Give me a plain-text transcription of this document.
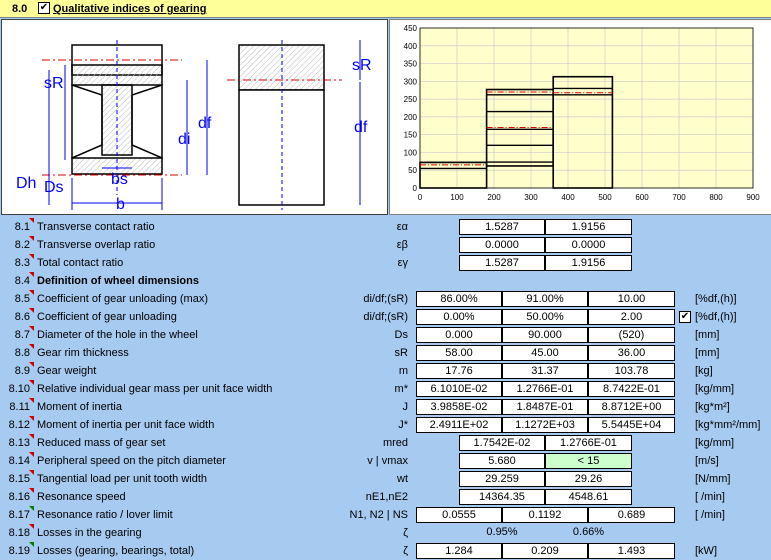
8.0 ✔ Qualitative indices of gearing
sR
Dh Ds	bs
b
di
df
sR
df
0
50
100
150
200
250
300
350
400
450
0	100	200	300	400	500	600	700	800	900
8.1 Transverse contact ratio	εα	1.5287	1.9156
8.2 Transverse overlap ratio	εβ	0.0000	0.0000
8.3 Total contact ratio	εγ	1.5287	1.9156
8.4 Definition of wheel dimensions
8.5 Coefficient of gear unloading (max)	di/df;(sR)	86.00%	91.00%	10.00	[%df,(h)]
8.6 Coefficient of gear unloading	di/df;(sR)	0.00%	50.00%	2.00	✔ [%df,(h)]
8.7 Diameter of the hole in the wheel	Ds	0.000	90.000	(520)	[mm]
8.8 Gear rim thickness	sR	58.00	45.00	36.00	[mm]
8.9 Gear weight	m	17.76	31.37	103.78	[kg]
8.10 Relative individual gear mass per unit face width	m*	6.1010E-02	1.2766E-01	8.7422E-01	[kg/mm]
8.11 Moment of inertia	J	3.9858E-02	1.8487E-01	8.8712E+00	[kg*m²]
8.12 Moment of inertia per unit face width	J*	2.4911E+02	1.1272E+03	5.5445E+04	[kg*mm²/mm]
8.13 Reduced mass of gear set	mred	1.7542E-02	1.2766E-01	[kg/mm]
8.14 Peripheral speed on the pitch diameter	v | vmax	5.680	< 15	[m/s]
8.15 Tangential load per unit tooth width	wt	29.259	29.26	[N/mm]
8.16 Resonance speed	nE1,nE2	14364.35	4548.61	[ /min]
8.17 Resonance ratio / lover limit	N1, N2 | NS	0.0555	0.1192	0.689	[ /min]
8.18 Losses in the gearing	ζ	0.95%	0.66%
8.19 Losses (gearing, bearings, total)	ζ	1.284	0.209	1.493	[kW]
